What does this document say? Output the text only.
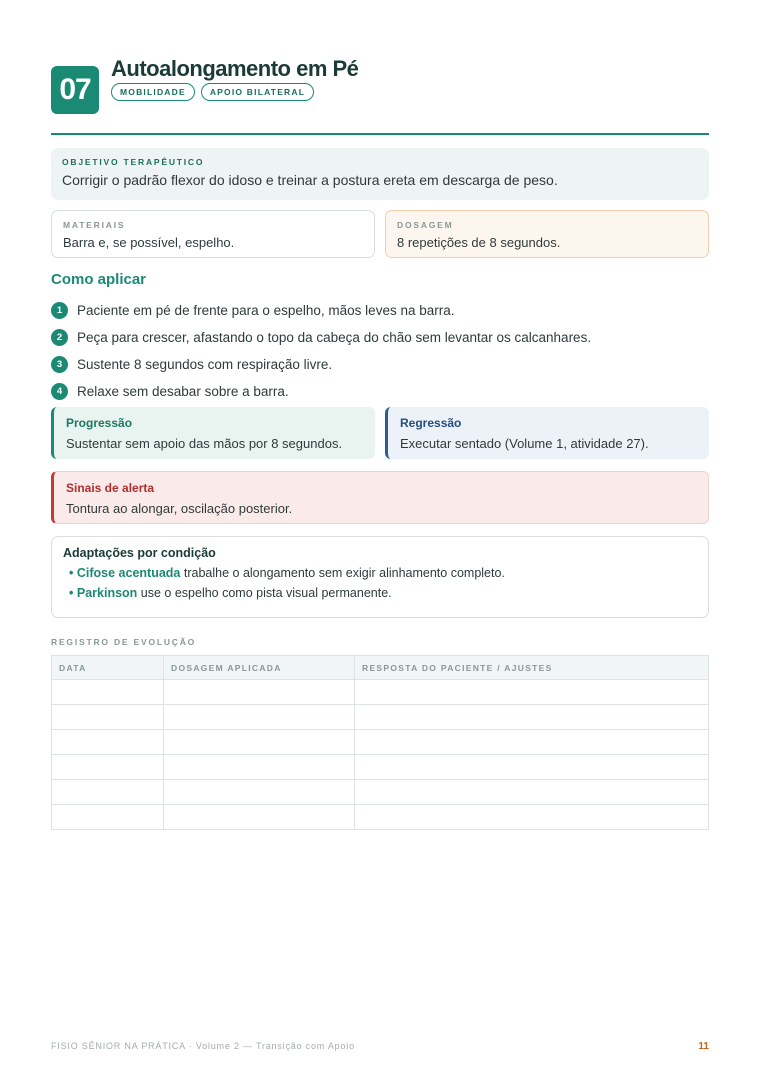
07
Autoalongamento em Pé
MOBILIDADE	APOIO BILATERAL
OBJETIVO TERAPÊUTICO
Corrigir o padrão flexor do idoso e treinar a postura ereta em descarga de peso.
MATERIAIS
Barra e, se possível, espelho.
DOSAGEM
8 repetições de 8 segundos.
Como aplicar
1	Paciente em pé de frente para o espelho, mãos leves na barra.
2	Peça para crescer, afastando o topo da cabeça do chão sem levantar os calcanhares.
3	Sustente 8 segundos com respiração livre.
4	Relaxe sem desabar sobre a barra.
Progressão
Sustentar sem apoio das mãos por 8 segundos.
Regressão
Executar sentado (Volume 1, atividade 27).
Sinais de alerta
Tontura ao alongar, oscilação posterior.
Adaptações por condição
• Cifose acentuada trabalhe o alongamento sem exigir alinhamento completo.
• Parkinson use o espelho como pista visual permanente.
REGISTRO DE EVOLUÇÃO
DATA	DOSAGEM APLICADA	RESPOSTA DO PACIENTE / AJUSTES

FISIO SÊNIOR NA PRÁTICA · Volume 2 — Transição com Apoio	11
